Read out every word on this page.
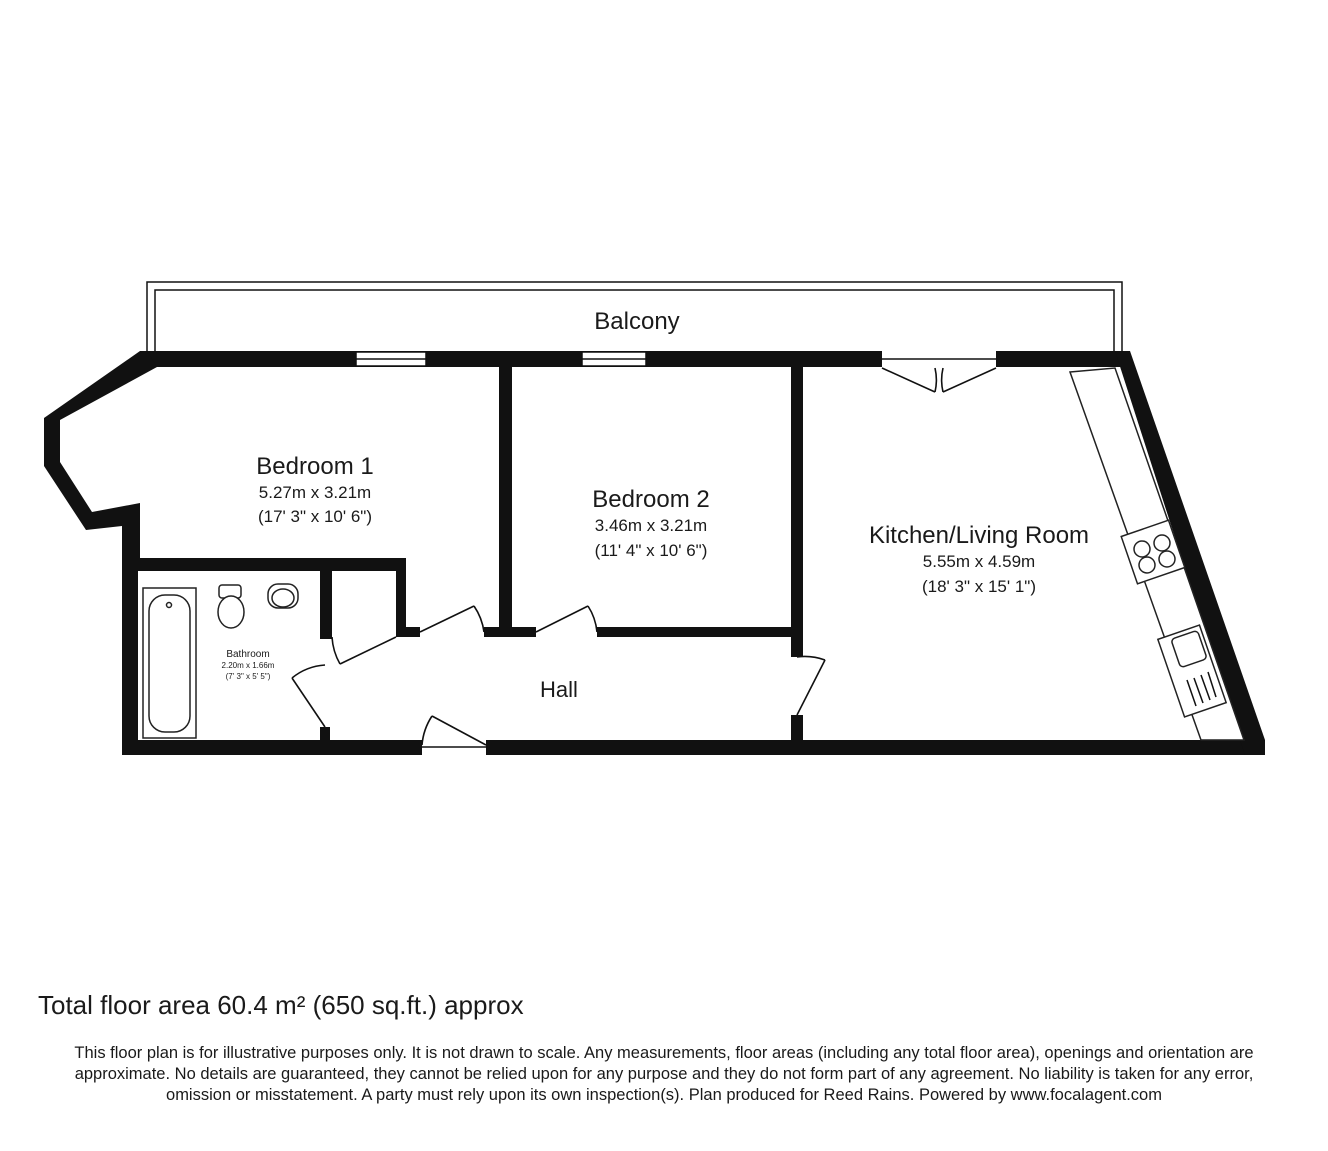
Balcony
Bedroom 1
5.27m x 3.21m
(17' 3" x 10' 6")
Bedroom 2
3.46m x 3.21m
(11' 4" x 10' 6")
Kitchen/Living Room
5.55m x 4.59m
(18' 3" x 15' 1")
Bathroom
2.20m x 1.66m
(7' 3" x 5' 5")
Hall
Total floor area 60.4 m² (650 sq.ft.) approx
This floor plan is for illustrative purposes only. It is not drawn to scale. Any measurements, floor areas (including any total floor area), openings and orientation are approximate. No details are guaranteed, they cannot be relied upon for any purpose and they do not form part of any agreement. No liability is taken for any error, omission or misstatement. A party must rely upon its own inspection(s). Plan produced for Reed Rains. Powered by www.focalagent.com
